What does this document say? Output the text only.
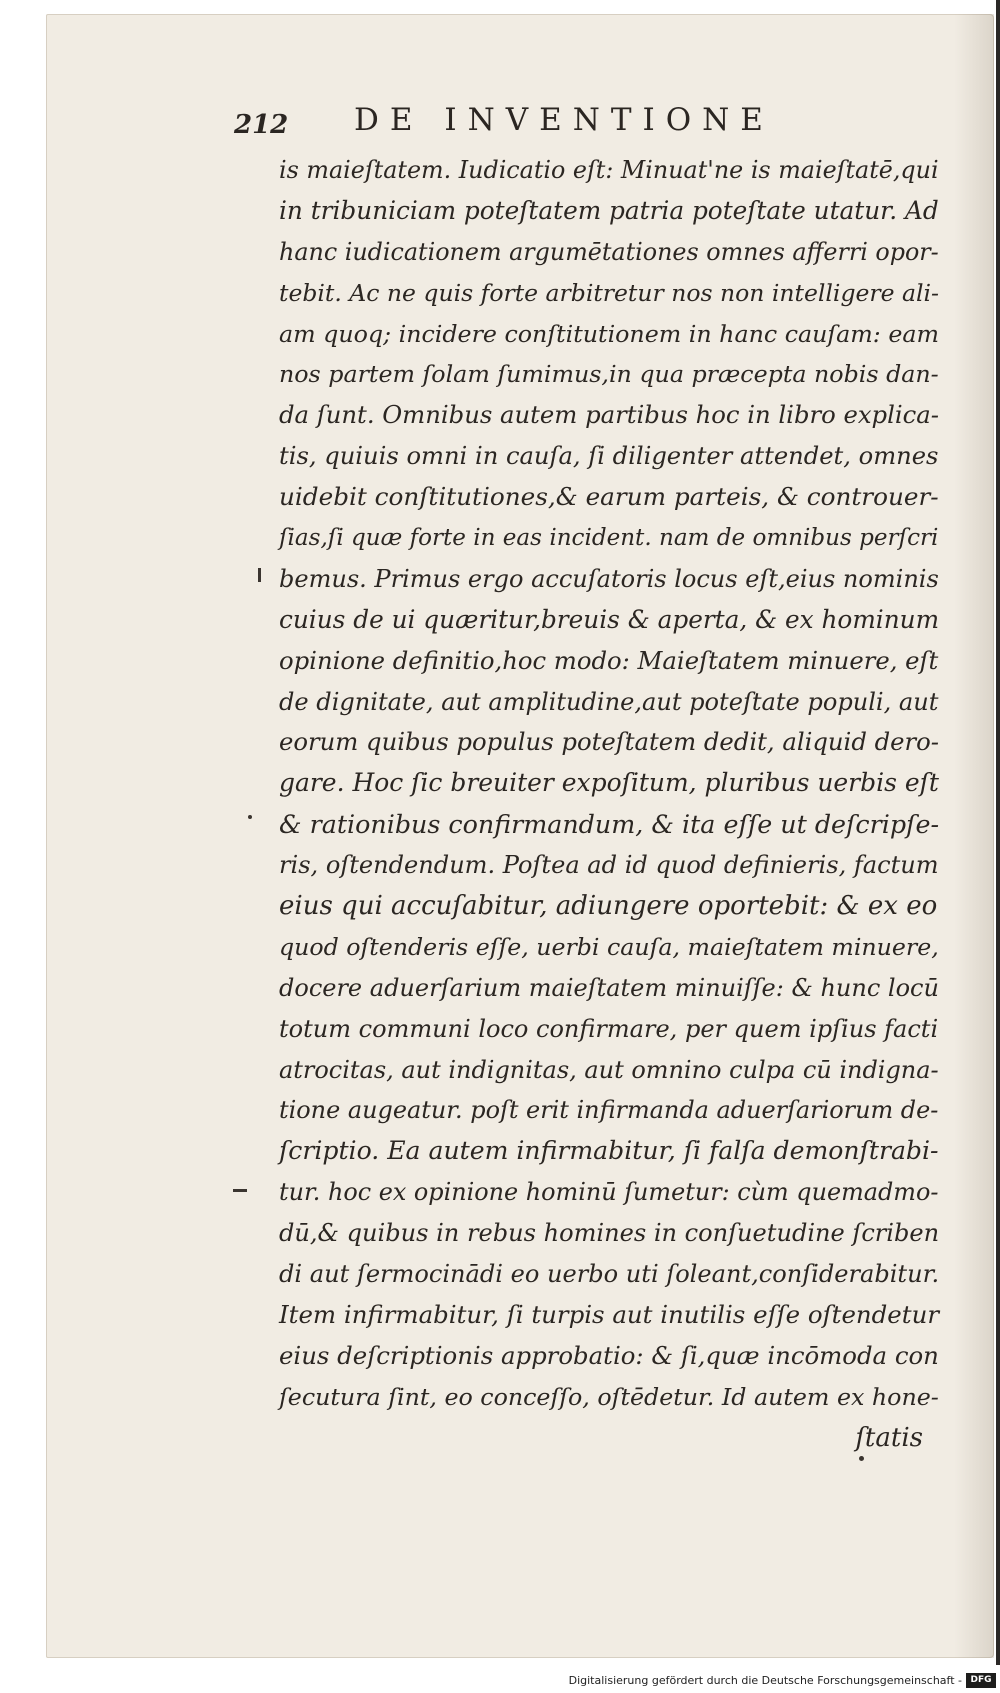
212 DE INVENTIONE
is maieſtatem. Iudicatio eſt: Minuat'ne is maieſtatē,qui
in tribuniciam poteſtatem patria poteſtate utatur. Ad
hanc iudicationem argumētationes omnes afferri opor-
tebit. Ac ne quis forte arbitretur nos non intelligere ali-
am quoq; incidere conſtitutionem in hanc cauſam: eam
nos partem ſolam ſumimus,in qua præcepta nobis dan-
da ſunt. Omnibus autem partibus hoc in libro explica-
tis, quiuis omni in cauſa, ſi diligenter attendet, omnes
uidebit conſtitutiones,& earum parteis, & controuer-
ſias,ſi quæ forte in eas incident. nam de omnibus perſcri
bemus. Primus ergo accuſatoris locus eſt,eius nominis
cuius de ui quæritur,breuis & aperta, & ex hominum
opinione definitio,hoc modo: Maieſtatem minuere, eſt
de dignitate, aut amplitudine,aut poteſtate populi, aut
eorum quibus populus poteſtatem dedit, aliquid dero-
gare. Hoc ſic breuiter expoſitum, pluribus uerbis eſt
& rationibus confirmandum, & ita eſſe ut deſcripſe-
ris, oſtendendum. Poſtea ad id quod definieris, factum
eius qui accuſabitur, adiungere oportebit: & ex eo
quod oſtenderis eſſe, uerbi cauſa, maieſtatem minuere,
docere aduerſarium maieſtatem minuiſſe: & hunc locū
totum communi loco confirmare, per quem ipſius facti
atrocitas, aut indignitas, aut omnino culpa cū indigna-
tione augeatur. poſt erit infirmanda aduerſariorum de-
ſcriptio. Ea autem infirmabitur, ſi falſa demonſtrabi-
tur. hoc ex opinione hominū ſumetur: cùm quemadmo-
dū,& quibus in rebus homines in conſuetudine ſcriben
di aut ſermocinādi eo uerbo uti ſoleant,conſiderabitur.
Item infirmabitur, ſi turpis aut inutilis eſſe oſtendetur
eius deſcriptionis approbatio: & ſi,quæ incōmoda con
ſecutura ſint, eo conceſſo, oſtēdetur. Id autem ex hone-
ſtatis
Digitalisierung gefördert durch die Deutsche Forschungsgemeinschaft - DFG
